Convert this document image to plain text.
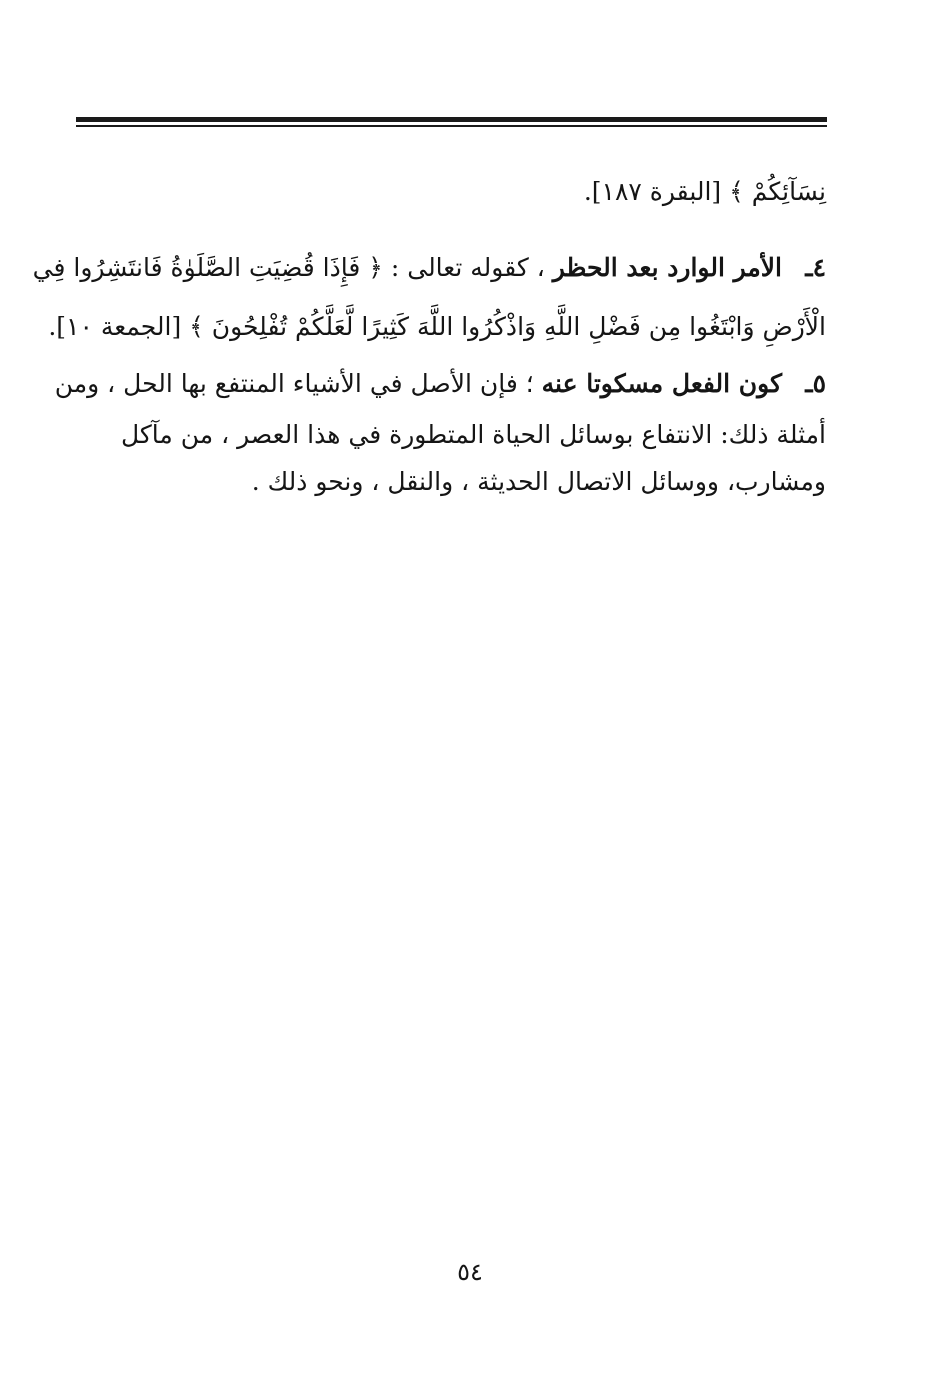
نِسَآئِكُمْ ﴾ [البقرة ١٨٧].
٤ـ
الأمر الوارد بعد الحظر ، كقوله تعالى : ﴿ فَإِذَا قُضِيَتِ الصَّلَوٰةُ فَانتَشِرُوا فِي
الْأَرْضِ وَابْتَغُوا مِن فَضْلِ اللَّهِ وَاذْكُرُوا اللَّهَ كَثِيرًا لَّعَلَّكُمْ تُفْلِحُونَ ﴾ [الجمعة ١٠].
٥ـ
كون الفعل مسكوتا عنه ؛ فإن الأصل في الأشياء المنتفع بها الحل ، ومن
أمثلة ذلك: الانتفاع بوسائل الحياة المتطورة في هذا العصر ، من مآكل
ومشارب، ووسائل الاتصال الحديثة ، والنقل ، ونحو ذلك .
٥٤
